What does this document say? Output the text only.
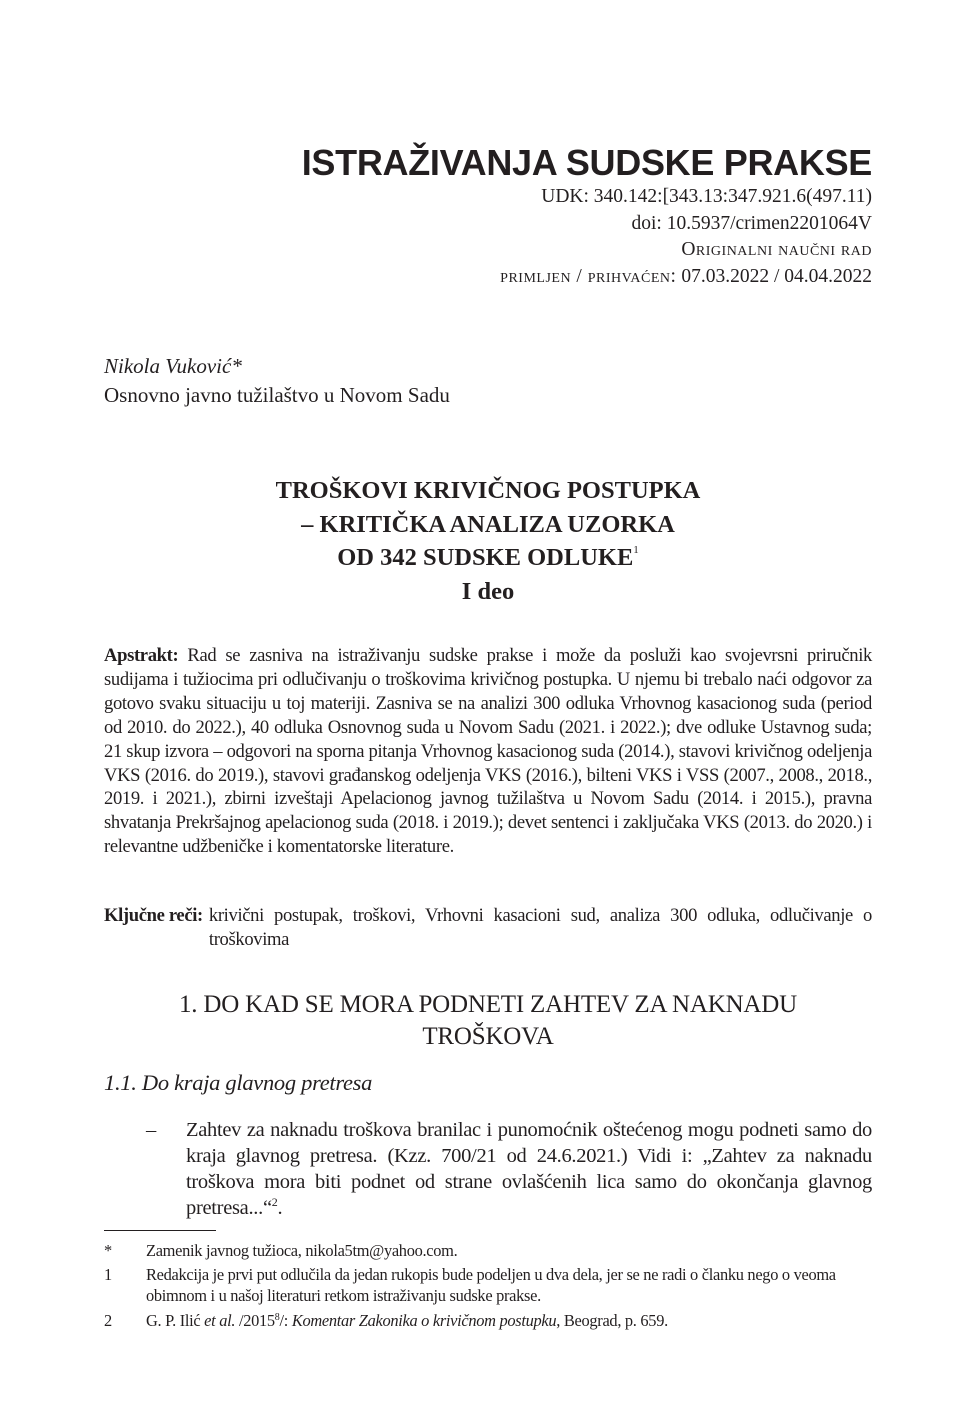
ISTRAŽIVANJA SUDSKE PRAKSE
UDK: 340.142:[343.13:347.921.6(497.11)
doi: 10.5937/crimen2201064V
Originalni naučni rad
primljen / prihvaćen: 07.03.2022 / 04.04.2022
Nikola Vuković*
Osnovno javno tužilaštvo u Novom Sadu
TROŠKOVI KRIVIČNOG POSTUPKA
– KRITIČKA ANALIZA UZORKA
OD 342 SUDSKE ODLUKE$^1$
I deo
Apstrakt: Rad se zasniva na istraživanju sudske prakse i može da posluži kao svojevrsni priručnik sudijama i tužiocima pri odlučivanju o troškovima krivičnog postupka. U njemu bi trebalo naći odgovor za gotovo svaku situaciju u toj materiji. Zasniva se na analizi 300 odluka Vrhovnog kasacionog suda (period od 2010. do 2022.), 40 odluka Osnovnog suda u Novom Sadu (2021. i 2022.); dve odluke Ustavnog suda; 21 skup izvora – odgovori na sporna pitanja Vrhovnog kasacionog suda (2014.), stavovi krivičnog odeljenja VKS (2016. do 2019.), stavovi građanskog odeljenja VKS (2016.), bilteni VKS i VSS (2007., 2008., 2018., 2019. i 2021.), zbirni izveštaji Apelacionog javnog tužilaštva u Novom Sadu (2014. i 2015.), pravna shvatanja Prekršajnog apelacionog suda (2018. i 2019.); devet sentenci i zaključaka VKS (2013. do 2020.) i relevantne udžbeničke i komentatorske literature.
Ključne reči: krivični postupak, troškovi, Vrhovni kasacioni sud, analiza 300 odluka, odlučivanje o troškovima
1. DO KAD SE MORA PODNETI ZAHTEV ZA NAKNADU
TROŠKOVA
1.1. Do kraja glavnog pretresa
–	Zahtev za naknadu troškova branilac i punomoćnik oštećenog mogu podneti samo do kraja glavnog pretresa. (Kzz. 700/21 od 24.6.2021.) Vidi i: „Zahtev za naknadu troškova mora biti podnet od strane ovlašćenih lica samo do okončanja glavnog pretresa...“$^2$.
*	Zamenik javnog tužioca, nikola5tm@yahoo.com.
1	Redakcija je prvi put odlučila da jedan rukopis bude podeljen u dva dela, jer se ne radi o članku nego o veoma obimnom i u našoj literaturi retkom istraživanju sudske prakse.
2	G. P. Ilić et al. /2015$^8$/: Komentar Zakonika o krivičnom postupku, Beograd, p. 659.
